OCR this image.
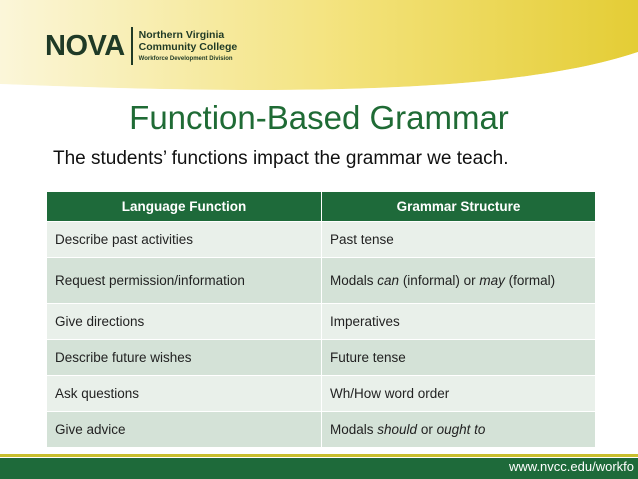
NOVA Northern Virginia
Community College
Workforce Development Division
Function-Based Grammar
The students’ functions impact the grammar we teach.
Language Function	Grammar Structure
Describe past activities	Past tense
Request permission/information	Modals can (informal) or may (formal)
Give directions	Imperatives
Describe future wishes	Future tense
Ask questions	Wh/How word order
Give advice	Modals should or ought to
www.nvcc.edu/workfo
